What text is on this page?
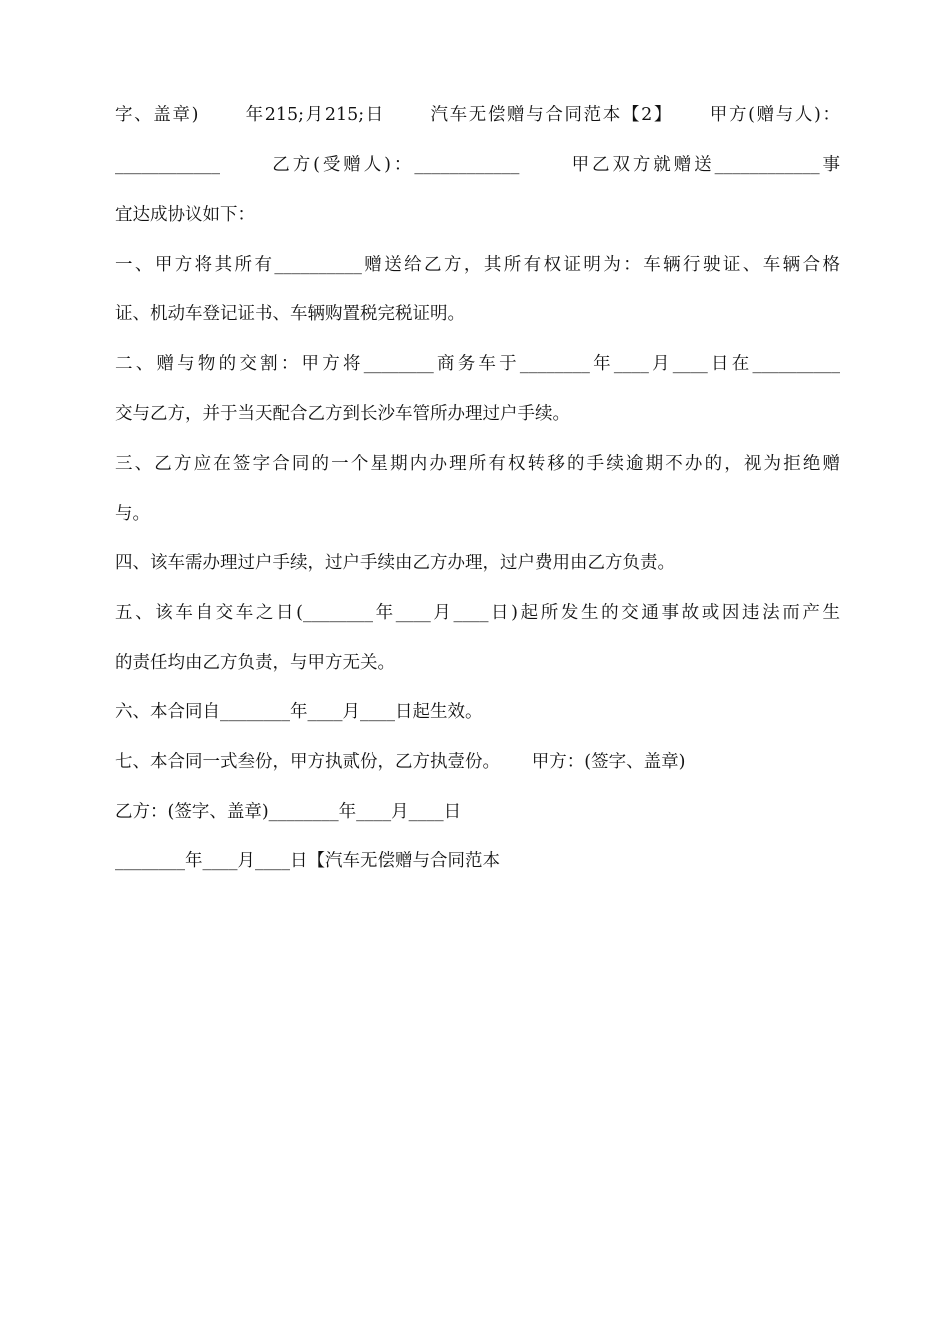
字、盖章)　　 年215;月215;日　　 汽车无偿赠与合同范本【2】　　 甲方(赠与人)：
____________　　 乙方(受赠人)：____________　　 甲乙双方就赠送____________事
宜达成协议如下：
一、甲方将其所有__________赠送给乙方，其所有权证明为：车辆行驶证、车辆合格
证、机动车登记证书、车辆购置税完税证明。
二、赠与物的交割：甲方将________商务车于________年____月____日在__________
交与乙方，并于当天配合乙方到长沙车管所办理过户手续。
三、乙方应在签字合同的一个星期内办理所有权转移的手续逾期不办的，视为拒绝赠
与。
四、该车需办理过户手续，过户手续由乙方办理，过户费用由乙方负责。
五、该车自交车之日(________年____月____日)起所发生的交通事故或因违法而产生
的责任均由乙方负责，与甲方无关。
六、本合同自________年____月____日起生效。
七、本合同一式叁份，甲方执贰份，乙方执壹份。　　 甲方：(签字、盖章)
乙方：(签字、盖章)________年____月____日
________年____月____日【汽车无偿赠与合同范本
